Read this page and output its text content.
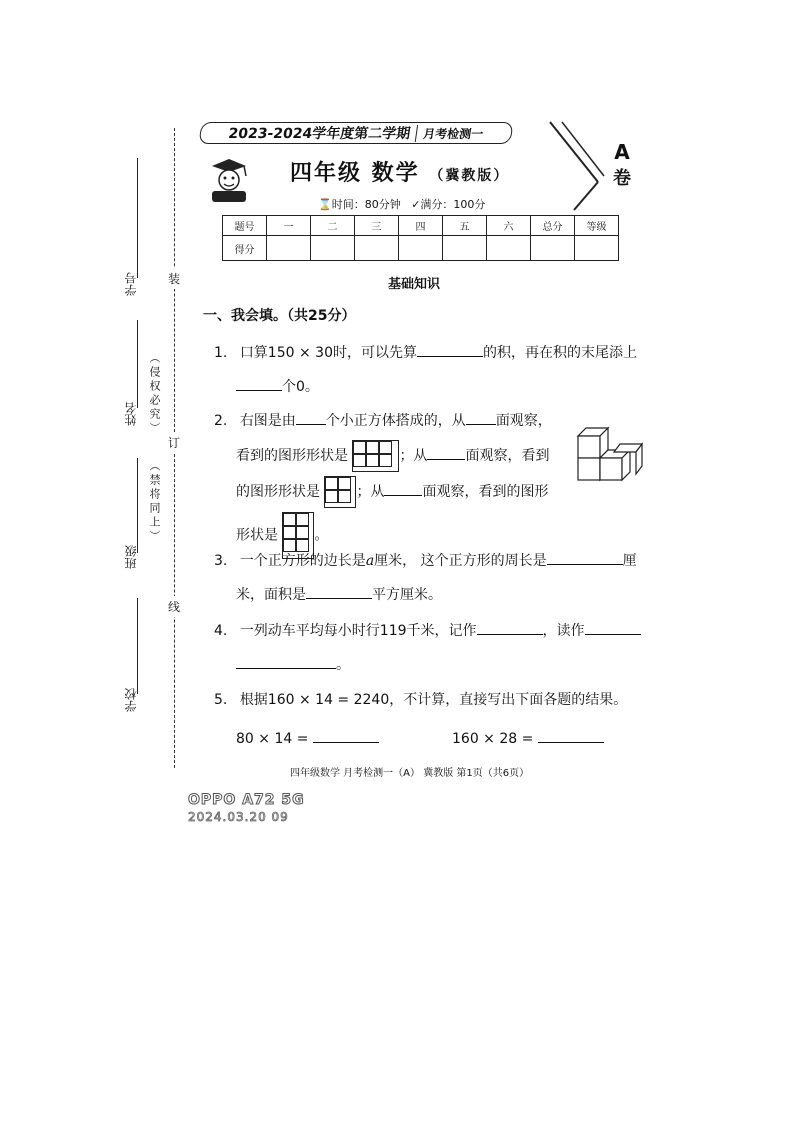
学号
姓名
班级
学校
（侵权必究）
（禁将同上）
装
订
线
2023-2024学年度第二学期 月考检测一
四年级 数学 （冀教版）
⌛时间：80分钟 ✓满分：100分
A
卷
题号	一	二	三	四	五	六	总分	等级
得分								
基础知识
一、我会填。（共25分）
1. 口算150 × 30时，可以先算	的积，再在积的末尾添上
个0。
2. 右图是由 个小正方体搭成的，从 面观察，
看到的图形形状是	；从	面观察，看到
的图形形状是	；从	面观察，看到的图形
形状是	。
3. 一个正方形的边长是a厘米， 这个正方形的周长是	厘
米，面积是	平方厘米。
4. 一列动车平均每小时行119千米，记作	，读作
。
5. 根据160 × 14 = 2240，不计算，直接写出下面各题的结果。
80 × 14 =	160 × 28 =
四年级数学 月考检测一（A） 冀教版 第1页（共6页）
OPPO A72 5G
2024.03.20 09
